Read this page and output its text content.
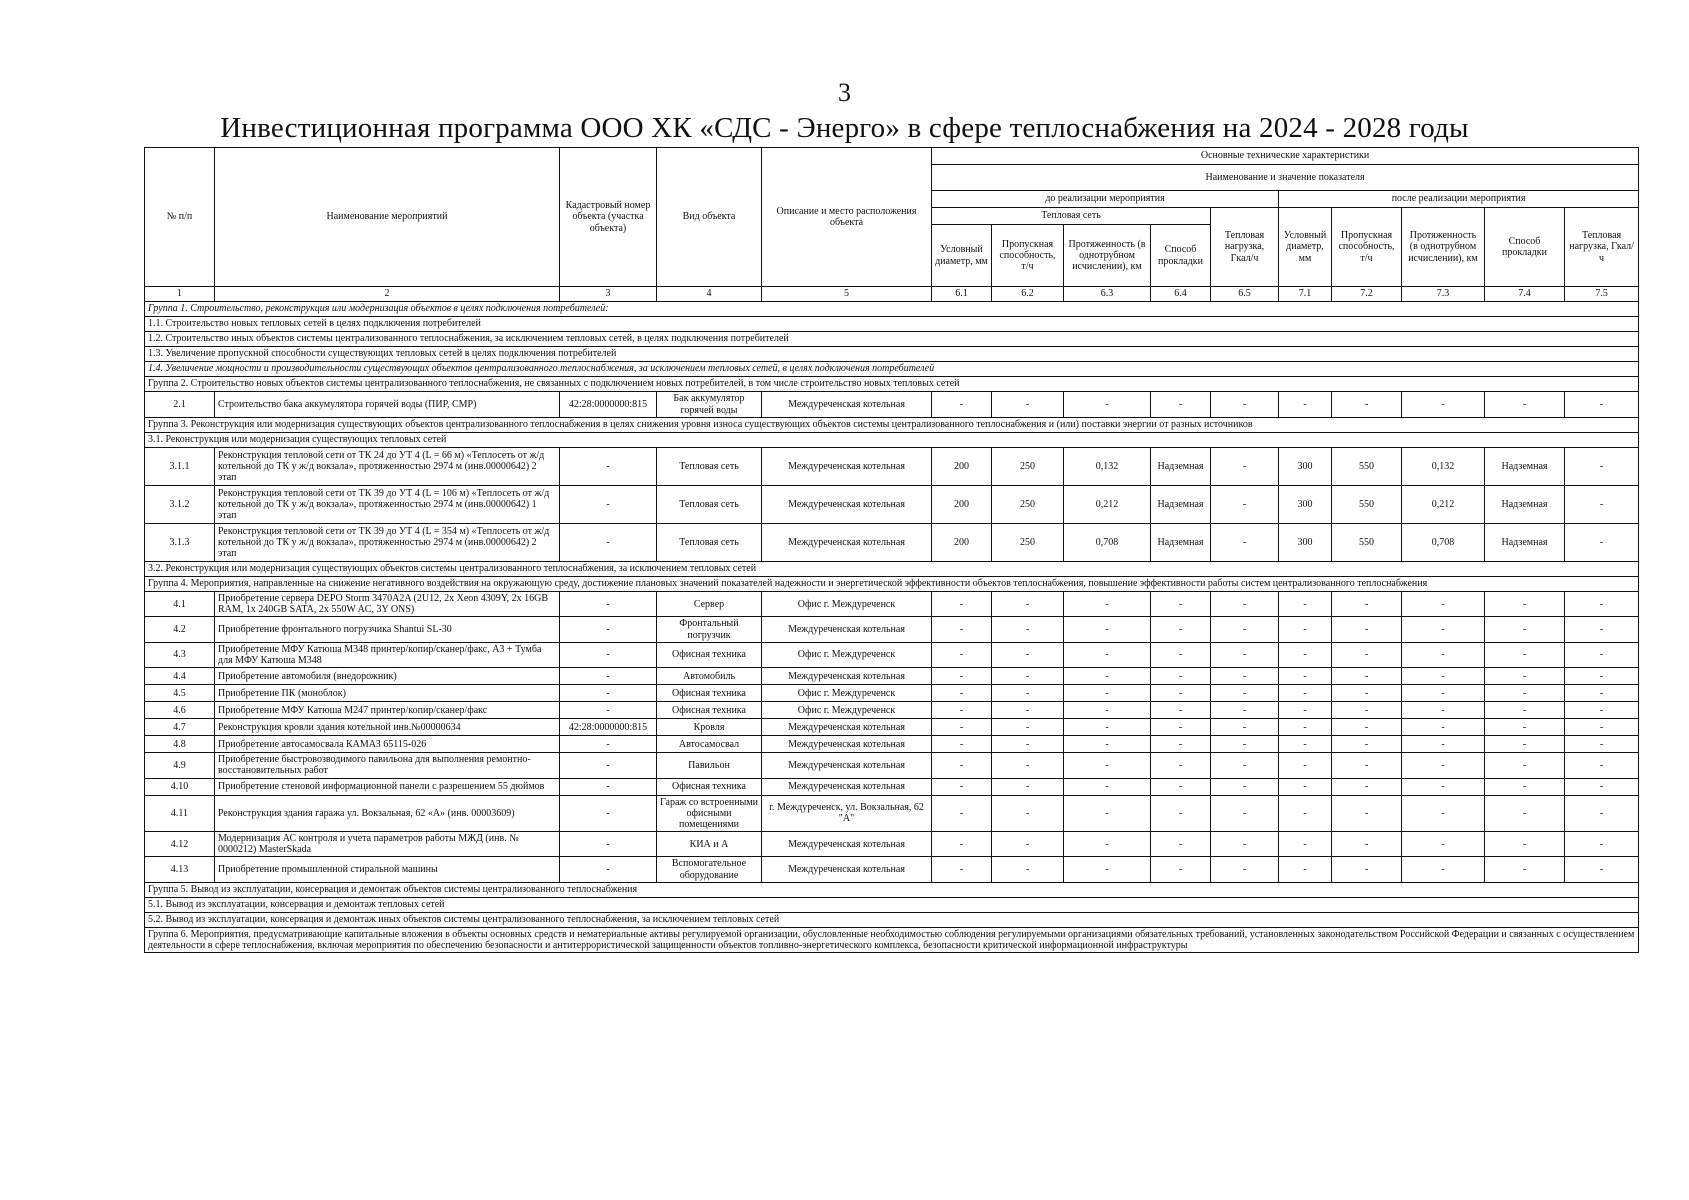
3
Инвестиционная программа ООО ХК «СДС - Энерго» в сфере теплоснабжения на 2024 - 2028 годы
№ п/п	Наименование мероприятий	Кадастровый номер объекта (участка объекта)	Вид объекта	Описание и место расположения объекта	Основные технические характеристики									
					Наименование и значение показателя									
					до реализации мероприятия					после реализации мероприятия				
					Тепловая сеть				Тепловая нагрузка, Гкал/ч	Условный диаметр, мм	Пропускная способность, т/ч	Протяженность (в однотрубном исчислении), км	Способ прокладки	Тепловая нагрузка, Гкал/ч
					Условный диаметр, мм	Пропускная способность, т/ч	Протяженность (в однотрубном исчислении), км	Способ прокладки						
1	2	3	4	5	6.1	6.2	6.3	6.4	6.5	7.1	7.2	7.3	7.4	7.5
Группа 1. Строительство, реконструкция или модернизация объектов в целях подключения потребителей:														
1.1. Строительство новых тепловых сетей в целях подключения потребителей														
1.2. Строительство иных объектов системы централизованного теплоснабжения, за исключением тепловых сетей, в целях подключения потребителей														
1.3. Увеличение пропускной способности существующих тепловых сетей в целях подключения потребителей														
1.4. Увеличение мощности и производительности существующих объектов централизованного теплоснабжения, за исключением тепловых сетей, в целях подключения потребителей														
Группа 2. Строительство новых объектов системы централизованного теплоснабжения, не связанных с подключением новых потребителей, в том числе строительство новых тепловых сетей														
2.1	Строительство бака аккумулятора горячей воды (ПИР, СМР)	42:28:0000000:815	Бак аккумулятор горячей воды	Междуреченская котельная	-	-	-	-	-	-	-	-	-	-
Группа 3. Реконструкция или модернизация существующих объектов централизованного теплоснабжения в целях снижения уровня износа существующих объектов системы централизованного теплоснабжения и (или) поставки энергии от разных источников														
3.1. Реконструкция или модернизация существующих тепловых сетей														
3.1.1	Реконструкция тепловой сети от ТК 24 до УТ 4 (L = 66 м) «Теплосеть от ж/д котельной до ТК у ж/д вокзала», протяженностью 2974 м (инв.00000642) 2 этап	-	Тепловая сеть	Междуреченская котельная	200	250	0,132	Надземная	-	300	550	0,132	Надземная	-
3.1.2	Реконструкция тепловой сети от ТК 39 до УТ 4 (L = 106 м) «Теплосеть от ж/д котельной до ТК у ж/д вокзала», протяженностью 2974 м (инв.00000642) 1 этап	-	Тепловая сеть	Междуреченская котельная	200	250	0,212	Надземная	-	300	550	0,212	Надземная	-
3.1.3	Реконструкция тепловой сети от ТК 39 до УТ 4 (L = 354 м) «Теплосеть от ж/д котельной до ТК у ж/д вокзала», протяженностью 2974 м (инв.00000642) 2 этап	-	Тепловая сеть	Междуреченская котельная	200	250	0,708	Надземная	-	300	550	0,708	Надземная	-
3.2. Реконструкция или модернизация существующих объектов системы централизованного теплоснабжения, за исключением тепловых сетей														
Группа 4. Мероприятия, направленные на снижение негативного воздействия на окружающую среду, достижение плановых значений показателей надежности и энергетической эффективности объектов теплоснабжения, повышение эффективности работы систем централизованного теплоснабжения														
4.1	Приобретение сервера DEPO Storm 3470A2A (2U12, 2x Xeon 4309Y, 2x 16GB RAM, 1x 240GB SATA, 2x 550W AC, 3Y ONS)	-	Сервер	Офис г. Междуреченск	-	-	-	-	-	-	-	-	-	-
4.2	Приобретение фронтального погрузчика Shantui SL-30	-	Фронтальный погрузчик	Междуреченская котельная	-	-	-	-	-	-	-	-	-	-
4.3	Приобретение МФУ Катюша М348 принтер/копир/сканер/факс, А3 + Тумба для МФУ Катюша М348	-	Офисная техника	Офис г. Междуреченск	-	-	-	-	-	-	-	-	-	-
4.4	Приобретение автомобиля (внедорожник)	-	Автомобиль	Междуреченская котельная	-	-	-	-	-	-	-	-	-	-
4.5	Приобретение ПК (моноблок)	-	Офисная техника	Офис г. Междуреченск	-	-	-	-	-	-	-	-	-	-
4.6	Приобретение МФУ Катюша М247 принтер/копир/сканер/факс	-	Офисная техника	Офис г. Междуреченск	-	-	-	-	-	-	-	-	-	-
4.7	Реконструкция кровли здания котельной инв.№00000634	42:28:0000000:815	Кровля	Междуреченская котельная	-	-	-	-	-	-	-	-	-	-
4.8	Приобретение автосамосвала КАМАЗ 65115-026	-	Автосамосвал	Междуреченская котельная	-	-	-	-	-	-	-	-	-	-
4.9	Приобретение быстровозводимого павильона для выполнения ремонтно-восстановительных работ	-	Павильон	Междуреченская котельная	-	-	-	-	-	-	-	-	-	-
4.10	Приобретение стеновой информационной панели с разрешением 55 дюймов	-	Офисная техника	Междуреченская котельная	-	-	-	-	-	-	-	-	-	-
4.11	Реконструкция здания гаража ул. Вокзальная, 62 «А» (инв. 00003609)	-	Гараж со встроенными офисными помещениями	г. Междуреченск, ул. Вокзальная, 62 "А"	-	-	-	-	-	-	-	-	-	-
4.12	Модернизация АС контроля и учета параметров работы МЖД (инв. № 0000212) MasterSkada	-	КИА и А	Междуреченская котельная	-	-	-	-	-	-	-	-	-	-
4.13	Приобретение промышленной стиральной машины	-	Вспомогательное оборудование	Междуреченская котельная	-	-	-	-	-	-	-	-	-	-
Группа 5. Вывод из эксплуатации, консервация и демонтаж объектов системы централизованного теплоснабжения														
5.1. Вывод из эксплуатации, консервация и демонтаж тепловых сетей														
5.2. Вывод из эксплуатации, консервация и демонтаж иных объектов системы централизованного теплоснабжения, за исключением тепловых сетей														
Группа 6. Мероприятия, предусматривающие капитальные вложения в объекты основных средств и нематериальные активы регулируемой организации, обусловленные необходимостью соблюдения регулируемыми организациями обязательных требований, установленных законодательством Российской Федерации и связанных с осуществлением деятельности в сфере теплоснабжения, включая мероприятия по обеспечению безопасности и антитеррористической защищенности объектов топливно-энергетического комплекса, безопасности критической информационной инфраструктуры														
